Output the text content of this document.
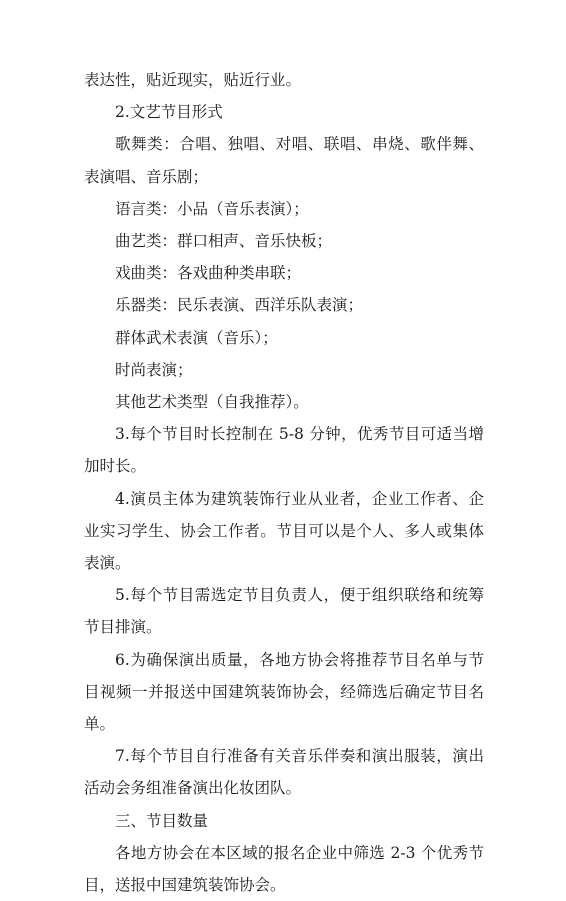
表达性，贴近现实，贴近行业。

2.文艺节目形式

歌舞类：合唱、独唱、对唱、联唱、串烧、歌伴舞、表演唱、音乐剧；

语言类：小品（音乐表演）；

曲艺类：群口相声、音乐快板；

戏曲类：各戏曲种类串联；

乐器类：民乐表演、西洋乐队表演；

群体武术表演（音乐）；

时尚表演；

其他艺术类型（自我推荐）。

3.每个节目时长控制在 5-8 分钟，优秀节目可适当增加时长。

4.演员主体为建筑装饰行业从业者，企业工作者、企业实习学生、协会工作者。节目可以是个人、多人或集体表演。

5.每个节目需选定节目负责人，便于组织联络和统筹节目排演。

6.为确保演出质量，各地方协会将推荐节目名单与节目视频一并报送中国建筑装饰协会，经筛选后确定节目名单。

7.每个节目自行准备有关音乐伴奏和演出服装，演出活动会务组准备演出化妆团队。

三、节目数量

各地方协会在本区域的报名企业中筛选 2-3 个优秀节目，送报中国建筑装饰协会。
